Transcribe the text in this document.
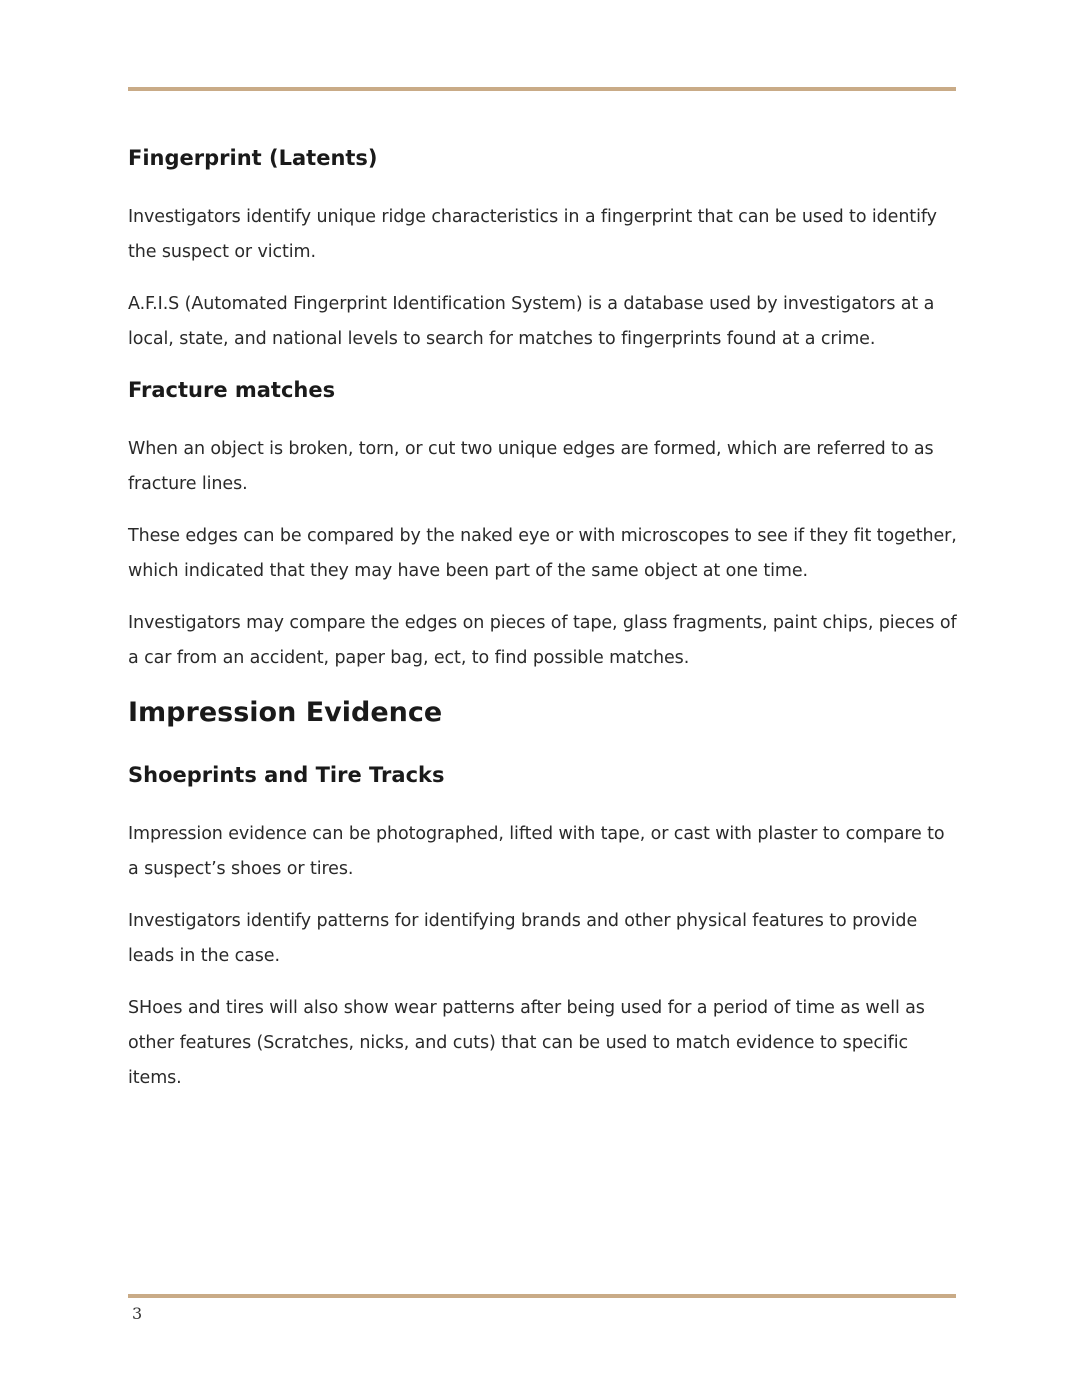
Fingerprint (Latents)

Investigators identify unique ridge characteristics in a fingerprint that can be used to identify the suspect or victim.

A.F.I.S (Automated Fingerprint Identification System) is a database used by investigators at a local, state, and national levels to search for matches to fingerprints found at a crime.

Fracture matches

When an object is broken, torn, or cut two unique edges are formed, which are referred to as fracture lines.

These edges can be compared by the naked eye or with microscopes to see if they fit together, which indicated that they may have been part of the same object at one time.

Investigators may compare the edges on pieces of tape, glass fragments, paint chips, pieces of a car from an accident, paper bag, ect, to find possible matches.

Impression Evidence
Shoeprints and Tire Tracks

Impression evidence can be photographed, lifted with tape, or cast with plaster to compare to a suspect’s shoes or tires.

Investigators identify patterns for identifying brands and other physical features to provide leads in the case.

SHoes and tires will also show wear patterns after being used for a period of time as well as other features (Scratches, nicks, and cuts) that can be used to match evidence to specific items.

3
